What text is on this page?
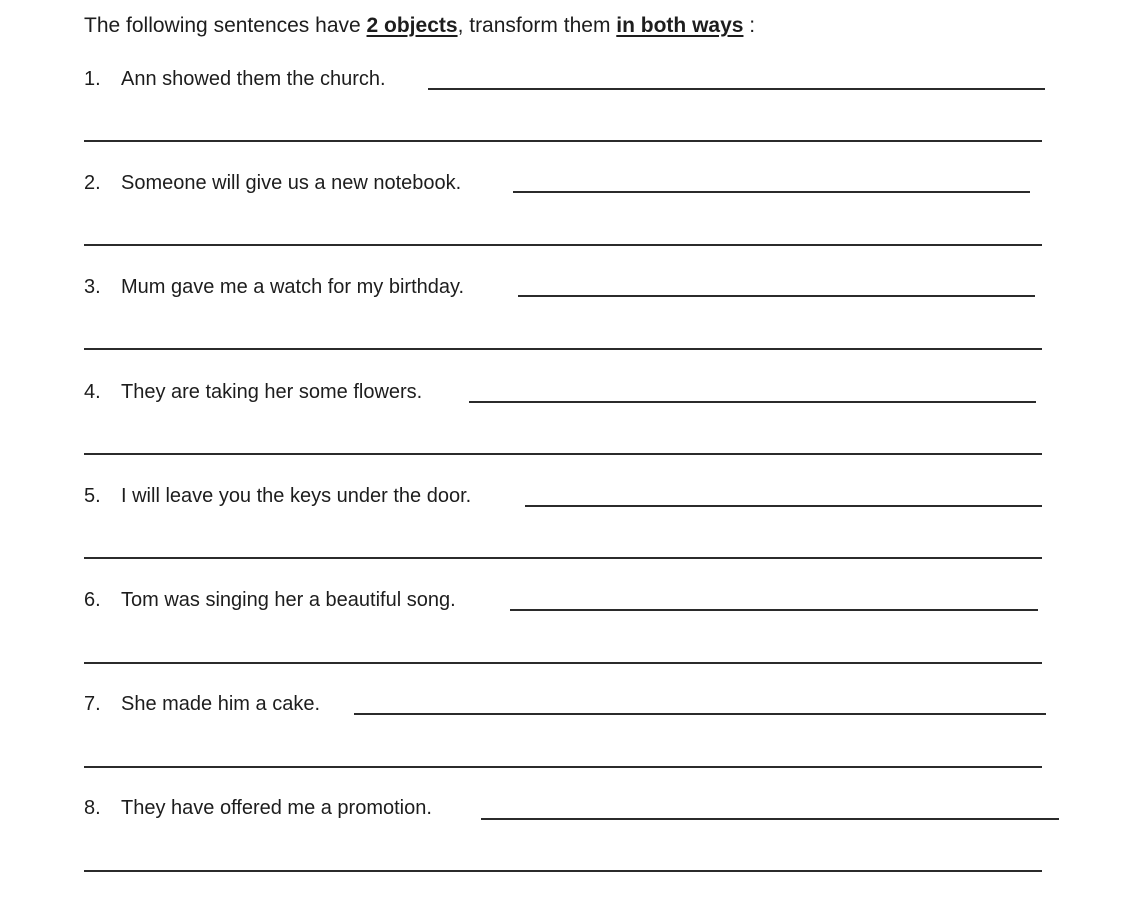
The following sentences have 2 objects, transform them in both ways :
1. Ann showed them the church.
2. Someone will give us a new notebook.
3. Mum gave me a watch for my birthday.
4. They are taking her some flowers.
5. I will leave you the keys under the door.
6. Tom was singing her a beautiful song.
7. She made him a cake.
8. They have offered me a promotion.
